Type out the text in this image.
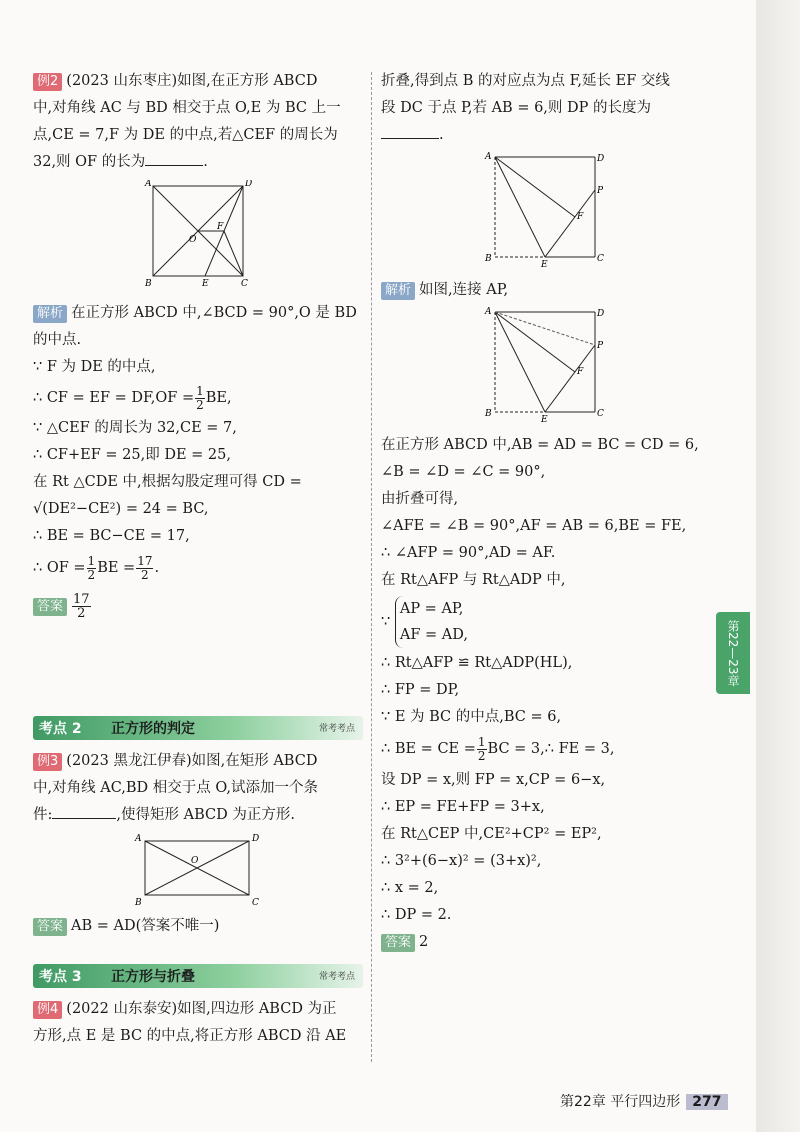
例2 (2023 山东枣庄)如图,在正方形 ABCD
中,对角线 AC 与 BD 相交于点 O,E 为 BC 上一
点,CE = 7,F 为 DE 的中点,若△CEF 的周长为
32,则 OF 的长为	.
A	D
B	C
O
E
F
解析 在正方形 ABCD 中,∠BCD = 90°,O 是 BD
的中点.
∵ F 为 DE 的中点,
∴ CF = EF = $DF,OF = \frac{1}{2}$ BE,
∵ △CEF 的周长为 32,CE = 7,
∴ CF+EF = 25,即 DE = 25,
在 Rt △CDE 中,根据勾股定理可得 CD =
√(DE²−CE²) = 24 = BC,
∴ BE = BC−CE = 17,
∴ OF = $\frac{1}{2}$ BE = $\frac{17}{2}$ .
答案 $\frac{17}{2}$
考点 2 正方形的判定	常考考点
例3 (2023 黑龙江伊春)如图,在矩形 ABCD
中,对角线 AC,BD 相交于点 O,试添加一个条
件:	,使得矩形 ABCD 为正方形.
A	D
B	C
O
答案 AB = AD(答案不唯一)
考点 3 正方形与折叠	常考考点
例4 (2022 山东泰安)如图,四边形 ABCD 为正
方形,点 E 是 BC 的中点,将正方形 ABCD 沿 AE
折叠,得到点 B 的对应点为点 F,延长 EF 交线
段 DC 于点 P,若 AB = 6,则 DP 的长度为
.
A	D
P
F
B
E
C
解析 如图,连接 AP,
A	D
P
F
B
E
C
在正方形 ABCD 中,AB = AD = BC = CD = 6,
∠B = ∠D = ∠C = 90°,
由折叠可得,
∠AFE = ∠B = 90°,AF = AB = 6,BE = FE,
∴ ∠AFP = 90°,AD = AF.
在 Rt△AFP 与 Rt△ADP 中,
∵
AP = AP,
AF = AD,
∴ Rt△AFP ≌ Rt△ADP(HL),
∴ FP = DP,
∵ E 为 BC 的中点,BC = 6,
∴ BE = CE = $\frac{1}{2}$ BC = 3,∴ FE = 3,
设 DP = x,则 FP = x,CP = 6−x,
∴ EP = FE+FP = 3+x,
在 Rt△CEP 中,CE²+CP² = EP²,
∴ 3²+(6−x)² = (3+x)²,
∴ x = 2,
∴ DP = 2.
答案 2
第22—23章
第22章 平行四边形 277
